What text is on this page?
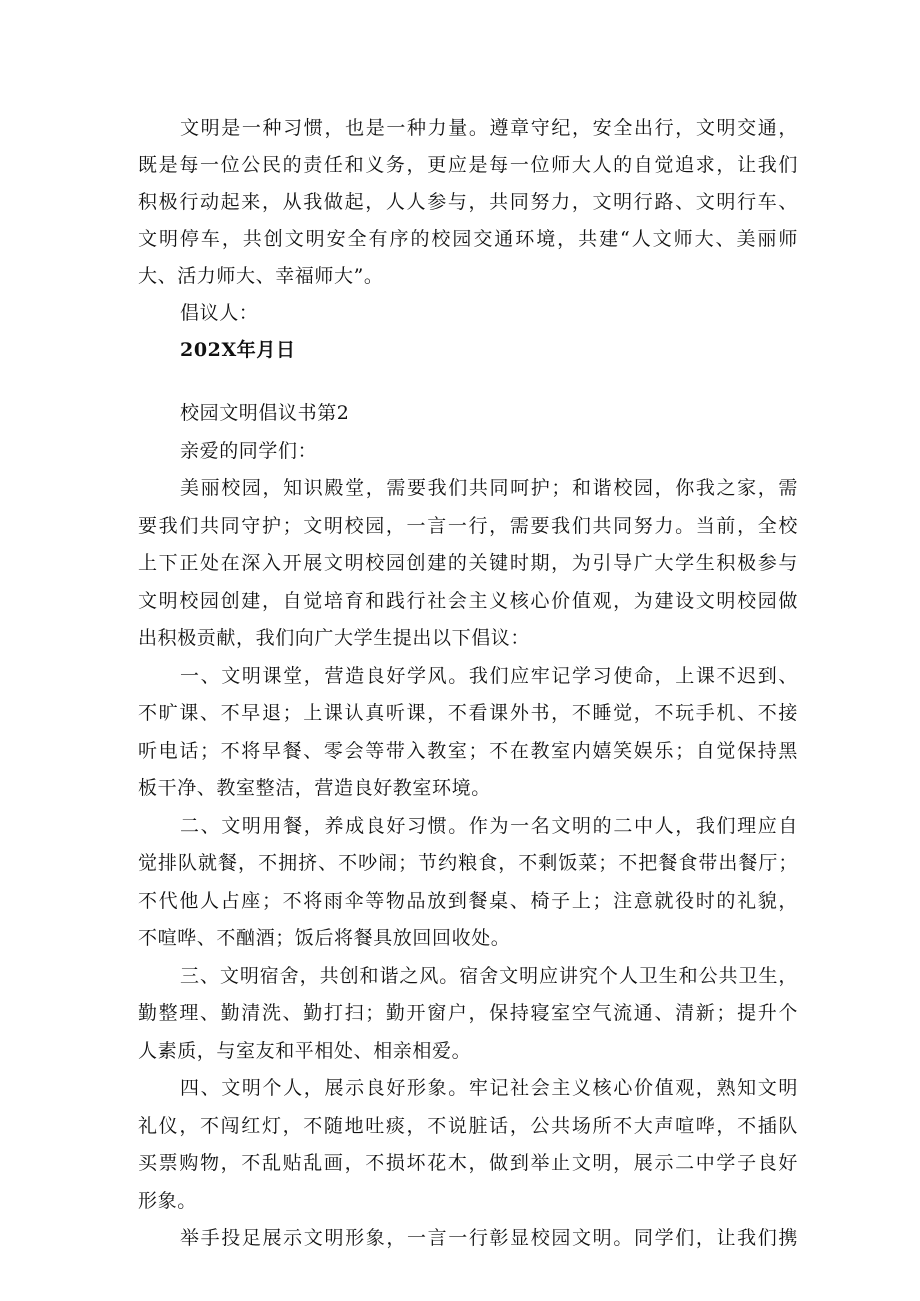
文明是一种习惯，也是一种力量。遵章守纪，安全出行，文明交通，
既是每一位公民的责任和义务，更应是每一位师大人的自觉追求，让我们
积极行动起来，从我做起，人人参与，共同努力，文明行路、文明行车、
文明停车，共创文明安全有序的校园交通环境，共建“人文师大、美丽师
大、活力师大、幸福师大”。
倡议人：
202X年月日
校园文明倡议书第2
亲爱的同学们：
美丽校园，知识殿堂，需要我们共同呵护；和谐校园，你我之家，需
要我们共同守护；文明校园，一言一行，需要我们共同努力。当前，全校
上下正处在深入开展文明校园创建的关键时期，为引导广大学生积极参与
文明校园创建，自觉培育和践行社会主义核心价值观，为建设文明校园做
出积极贡献，我们向广大学生提出以下倡议：
一、文明课堂，营造良好学风。我们应牢记学习使命，上课不迟到、
不旷课、不早退；上课认真听课，不看课外书，不睡觉，不玩手机、不接
听电话；不将早餐、零会等带入教室；不在教室内嬉笑娱乐；自觉保持黑
板干净、教室整洁，营造良好教室环境。
二、文明用餐，养成良好习惯。作为一名文明的二中人，我们理应自
觉排队就餐，不拥挤、不吵闹；节约粮食，不剩饭菜；不把餐食带出餐厅；
不代他人占座；不将雨伞等物品放到餐桌、椅子上；注意就役时的礼貌，
不喧哗、不酗酒；饭后将餐具放回回收处。
三、文明宿舍，共创和谐之风。宿舍文明应讲究个人卫生和公共卫生，
勤整理、勤清洗、勤打扫；勤开窗户，保持寝室空气流通、清新；提升个
人素质，与室友和平相处、相亲相爱。
四、文明个人，展示良好形象。牢记社会主义核心价值观，熟知文明
礼仪，不闯红灯，不随地吐痰，不说脏话，公共场所不大声喧哗，不插队
买票购物，不乱贴乱画，不损坏花木，做到举止文明，展示二中学子良好
形象。
举手投足展示文明形象，一言一行彰显校园文明。同学们，让我们携
